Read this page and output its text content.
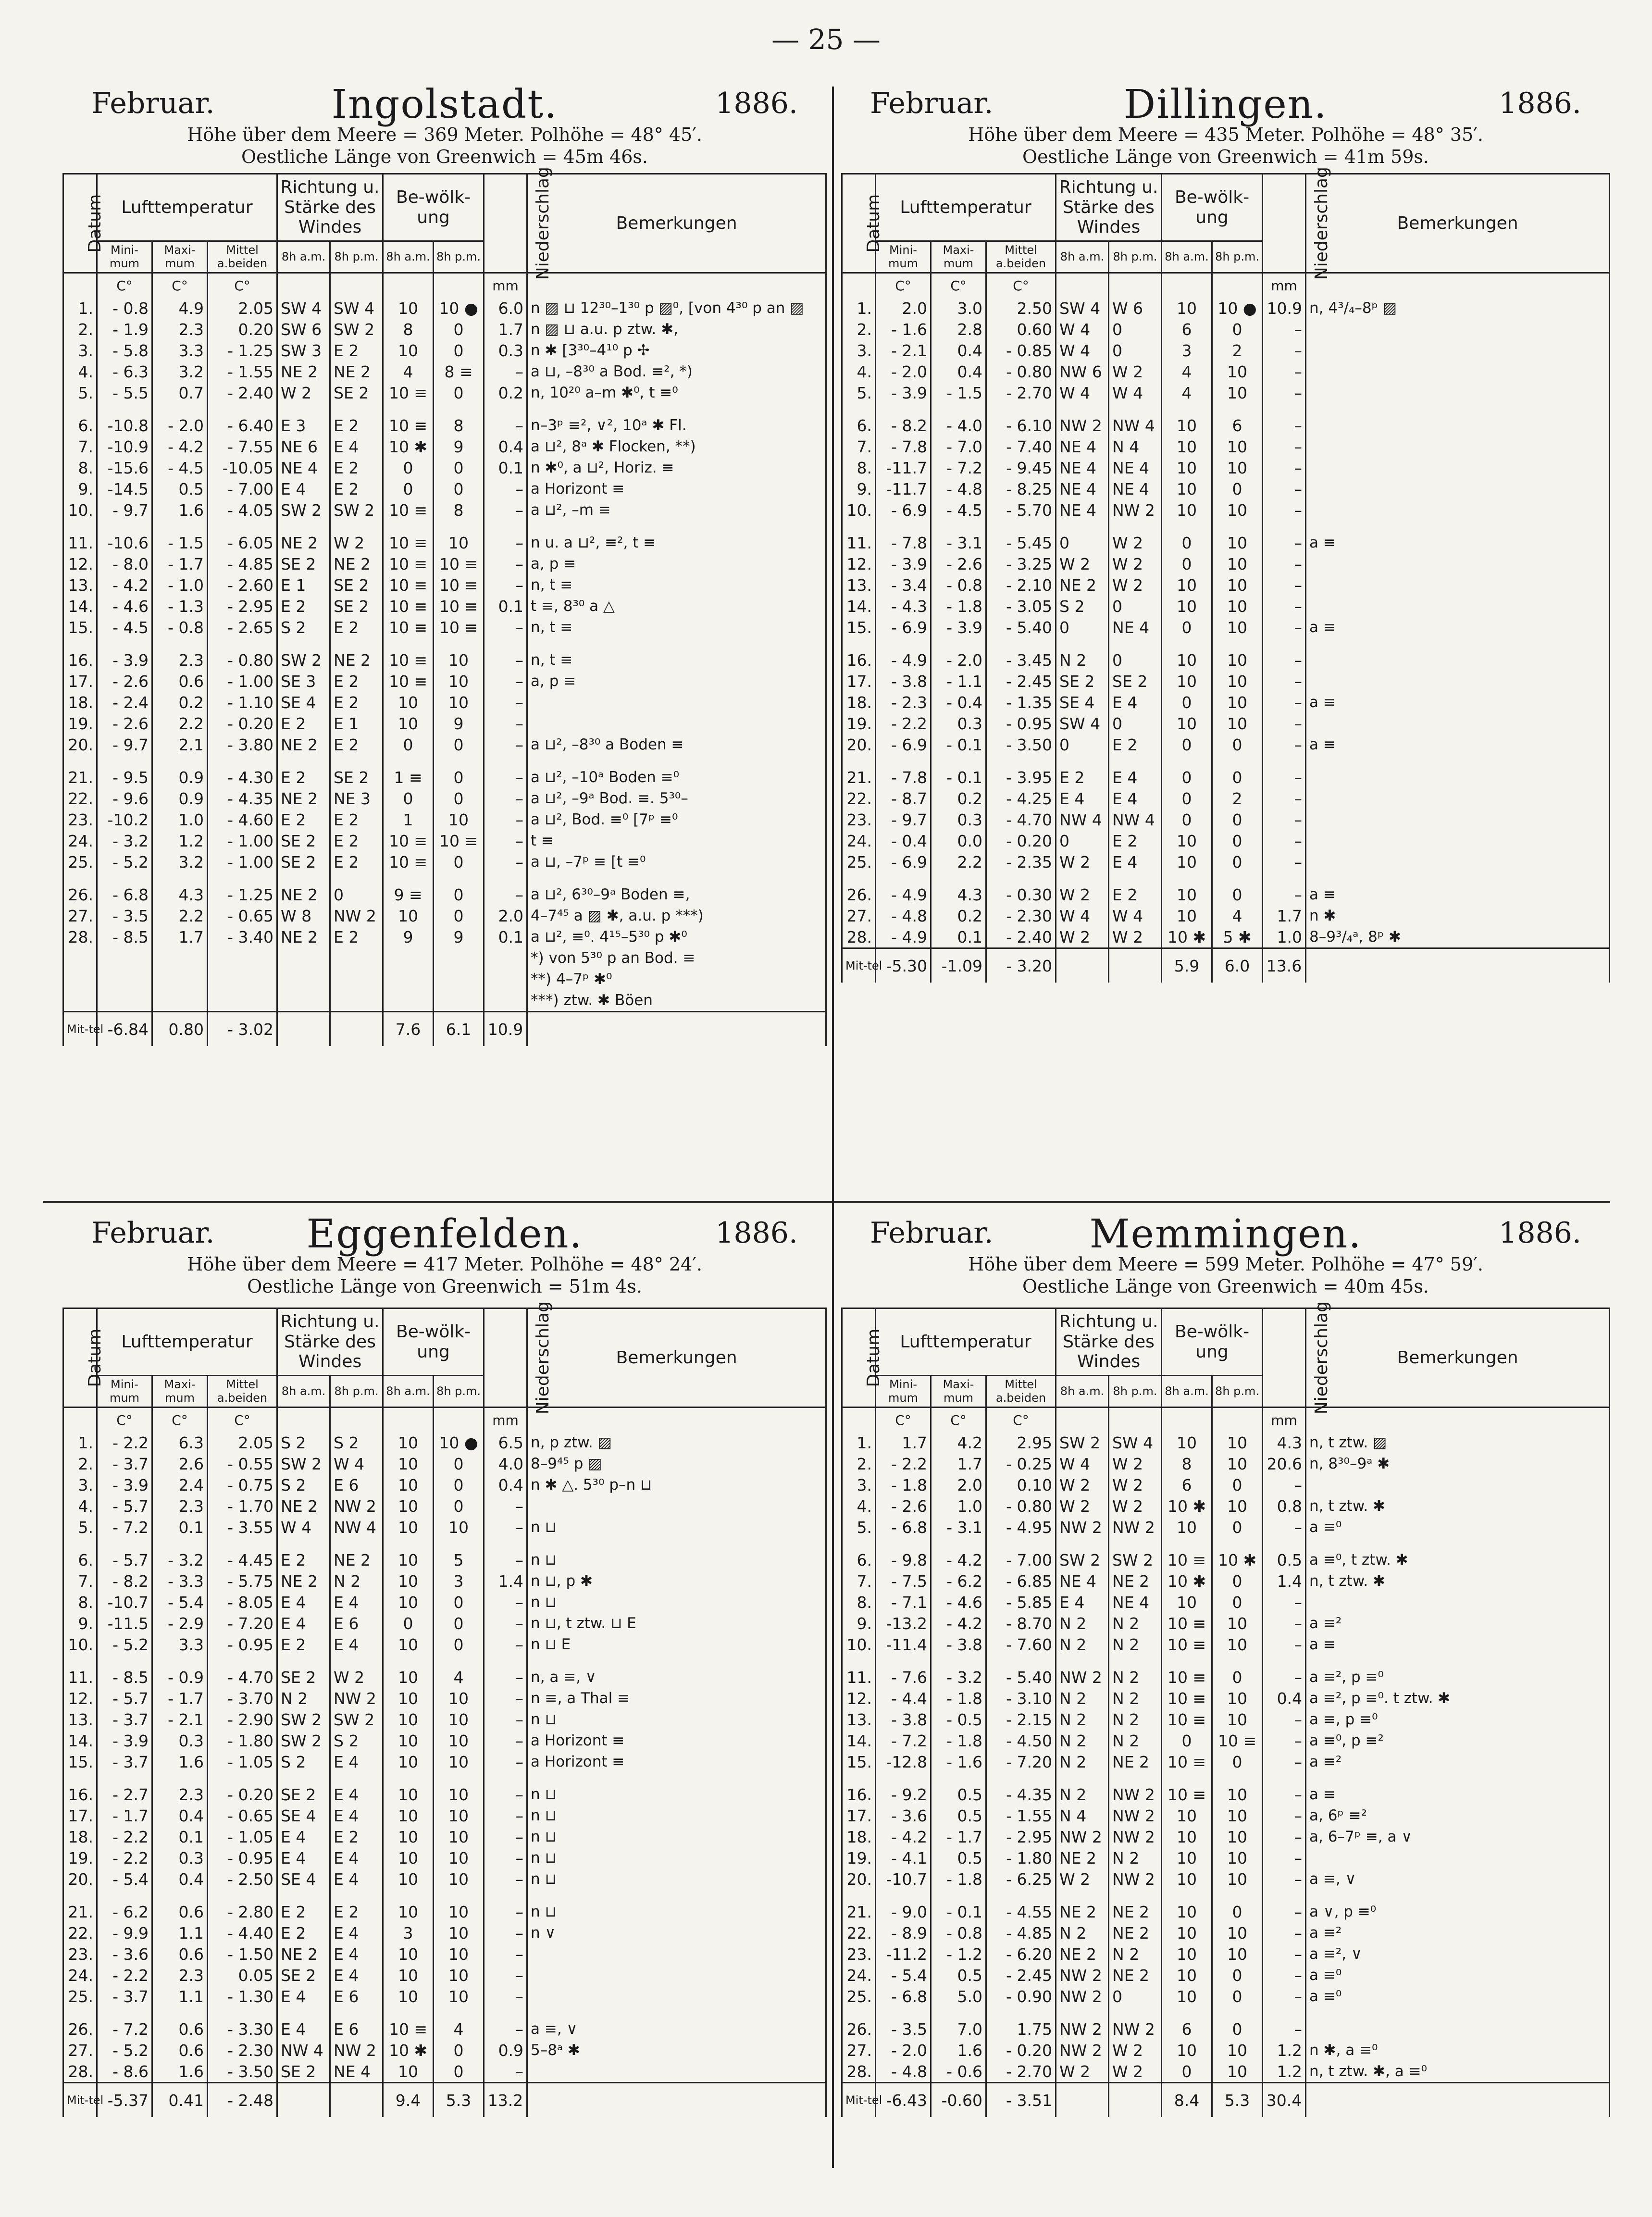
— 25 —
Februar.	Ingolstadt.	1886.
Höhe über dem Meere = 369 Meter. Polhöhe = 48° 45′.
Oestliche Länge von Greenwich = 45m 46s.
Datum	Lufttemperatur			Richtung u. Stärke des Windes		Be-wölk-ung		Niederschlag	Bemerkungen
	Mini-mum	Maxi-mum	Mittel a.beiden	8h a.m.	8h p.m.	8h a.m.	8h p.m.		
	C°	C°	C°					mm	
1.	- 0.8	4.9	2.05	SW 4	SW 4	10	10 ●	6.0	n ▨ ⊔ 12³⁰–1³⁰ p ▨⁰, [von 4³⁰ p an ▨
2.	- 1.9	2.3	0.20	SW 6	SW 2	8	0	1.7	n ▨ ⊔ a.u. p ztw. ✱,
3.	- 5.8	3.3	- 1.25	SW 3	E 2	10	0	0.3	n ✱ [3³⁰–4¹⁰ p ✢
4.	- 6.3	3.2	- 1.55	NE 2	NE 2	4	8 ≡	–	a ⊔, –8³⁰ a Bod. ≡², *)
5.	- 5.5	0.7	- 2.40	W 2	SE 2	10 ≡	0	0.2	n, 10²⁰ a–m ✱⁰, t ≡⁰

6.	-10.8	- 2.0	- 6.40	E 3	E 2	10 ≡	8	–	n–3ᵖ ≡², ∨², 10ᵃ ✱ Fl.
7.	-10.9	- 4.2	- 7.55	NE 6	E 4	10 ✱	9	0.4	a ⊔², 8ᵃ ✱ Flocken, **)
8.	-15.6	- 4.5	-10.05	NE 4	E 2	0	0	0.1	n ✱⁰, a ⊔², Horiz. ≡
9.	-14.5	0.5	- 7.00	E 4	E 2	0	0	–	a Horizont ≡
10.	- 9.7	1.6	- 4.05	SW 2	SW 2	10 ≡	8	–	a ⊔², –m ≡

11.	-10.6	- 1.5	- 6.05	NE 2	W 2	10 ≡	10	–	n u. a ⊔², ≡², t ≡
12.	- 8.0	- 1.7	- 4.85	SE 2	NE 2	10 ≡	10 ≡	–	a, p ≡
13.	- 4.2	- 1.0	- 2.60	E 1	SE 2	10 ≡	10 ≡	–	n, t ≡
14.	- 4.6	- 1.3	- 2.95	E 2	SE 2	10 ≡	10 ≡	0.1	t ≡, 8³⁰ a △
15.	- 4.5	- 0.8	- 2.65	S 2	E 2	10 ≡	10 ≡	–	n, t ≡

16.	- 3.9	2.3	- 0.80	SW 2	NE 2	10 ≡	10	–	n, t ≡
17.	- 2.6	0.6	- 1.00	SE 3	E 2	10 ≡	10	–	a, p ≡
18.	- 2.4	0.2	- 1.10	SE 4	E 2	10	10	–	
19.	- 2.6	2.2	- 0.20	E 2	E 1	10	9	–	
20.	- 9.7	2.1	- 3.80	NE 2	E 2	0	0	–	a ⊔², –8³⁰ a Boden ≡

21.	- 9.5	0.9	- 4.30	E 2	SE 2	1 ≡	0	–	a ⊔², –10ᵃ Boden ≡⁰
22.	- 9.6	0.9	- 4.35	NE 2	NE 3	0	0	–	a ⊔², –9ᵃ Bod. ≡. 5³⁰–
23.	-10.2	1.0	- 4.60	E 2	E 2	1	10	–	a ⊔², Bod. ≡⁰ [7ᵖ ≡⁰
24.	- 3.2	1.2	- 1.00	SE 2	E 2	10 ≡	10 ≡	–	t ≡
25.	- 5.2	3.2	- 1.00	SE 2	E 2	10 ≡	0	–	a ⊔, –7ᵖ ≡ [t ≡⁰

26.	- 6.8	4.3	- 1.25	NE 2	0	9 ≡	0	–	a ⊔², 6³⁰–9ᵃ Boden ≡,
27.	- 3.5	2.2	- 0.65	W 8	NW 2	10	0	2.0	4–7⁴⁵ a ▨ ✱, a.u. p ***)
28.	- 8.5	1.7	- 3.40	NE 2	E 2	9	9	0.1	a ⊔², ≡⁰. 4¹⁵–5³⁰ p ✱⁰
									*) von 5³⁰ p an Bod. ≡
									**) 4–7ᵖ ✱⁰
									***) ztw. ✱ Böen
Mit-tel	-6.84	0.80	- 3.02			7.6	6.1	10.9	
Februar.	Dillingen.	1886.
Höhe über dem Meere = 435 Meter. Polhöhe = 48° 35′.
Oestliche Länge von Greenwich = 41m 59s.
Datum	Lufttemperatur			Richtung u. Stärke des Windes		Be-wölk-ung		Niederschlag	Bemerkungen
	Mini-mum	Maxi-mum	Mittel a.beiden	8h a.m.	8h p.m.	8h a.m.	8h p.m.		
	C°	C°	C°					mm	
1.	2.0	3.0	2.50	SW 4	W 6	10	10 ●	10.9	n, 4³/₄–8ᵖ ▨
2.	- 1.6	2.8	0.60	W 4	0	6	0	–	
3.	- 2.1	0.4	- 0.85	W 4	0	3	2	–	
4.	- 2.0	0.4	- 0.80	NW 6	W 2	4	10	–	
5.	- 3.9	- 1.5	- 2.70	W 4	W 4	4	10	–	

6.	- 8.2	- 4.0	- 6.10	NW 2	NW 4	10	6	–	
7.	- 7.8	- 7.0	- 7.40	NE 4	N 4	10	10	–	
8.	-11.7	- 7.2	- 9.45	NE 4	NE 4	10	10	–	
9.	-11.7	- 4.8	- 8.25	NE 4	NE 4	10	0	–	
10.	- 6.9	- 4.5	- 5.70	NE 4	NW 2	10	10	–	

11.	- 7.8	- 3.1	- 5.45	0	W 2	0	10	–	a ≡
12.	- 3.9	- 2.6	- 3.25	W 2	W 2	0	10	–	
13.	- 3.4	- 0.8	- 2.10	NE 2	W 2	10	10	–	
14.	- 4.3	- 1.8	- 3.05	S 2	0	10	10	–	
15.	- 6.9	- 3.9	- 5.40	0	NE 4	0	10	–	a ≡

16.	- 4.9	- 2.0	- 3.45	N 2	0	10	10	–	
17.	- 3.8	- 1.1	- 2.45	SE 2	SE 2	10	10	–	
18.	- 2.3	- 0.4	- 1.35	SE 4	E 4	0	10	–	a ≡
19.	- 2.2	0.3	- 0.95	SW 4	0	10	10	–	
20.	- 6.9	- 0.1	- 3.50	0	E 2	0	0	–	a ≡

21.	- 7.8	- 0.1	- 3.95	E 2	E 4	0	0	–	
22.	- 8.7	0.2	- 4.25	E 4	E 4	0	2	–	
23.	- 9.7	0.3	- 4.70	NW 4	NW 4	0	0	–	
24.	- 0.4	0.0	- 0.20	0	E 2	10	0	–	
25.	- 6.9	2.2	- 2.35	W 2	E 4	10	0	–	

26.	- 4.9	4.3	- 0.30	W 2	E 2	10	0	–	a ≡
27.	- 4.8	0.2	- 2.30	W 4	W 4	10	4	1.7	n ✱
28.	- 4.9	0.1	- 2.40	W 2	W 2	10 ✱	5 ✱	1.0	8–9³/₄ᵃ, 8ᵖ ✱
Mit-tel	-5.30	-1.09	- 3.20			5.9	6.0	13.6	
Februar.	Eggenfelden.	1886.
Höhe über dem Meere = 417 Meter. Polhöhe = 48° 24′.
Oestliche Länge von Greenwich = 51m 4s.
Datum	Lufttemperatur			Richtung u. Stärke des Windes		Be-wölk-ung		Niederschlag	Bemerkungen
	Mini-mum	Maxi-mum	Mittel a.beiden	8h a.m.	8h p.m.	8h a.m.	8h p.m.		
	C°	C°	C°					mm	
1.	- 2.2	6.3	2.05	S 2	S 2	10	10 ●	6.5	n, p ztw. ▨
2.	- 3.7	2.6	- 0.55	SW 2	W 4	10	0	4.0	8–9⁴⁵ p ▨
3.	- 3.9	2.4	- 0.75	S 2	E 6	10	0	0.4	n ✱ △. 5³⁰ p–n ⊔
4.	- 5.7	2.3	- 1.70	NE 2	NW 2	10	0	–	
5.	- 7.2	0.1	- 3.55	W 4	NW 4	10	10	–	n ⊔

6.	- 5.7	- 3.2	- 4.45	E 2	NE 2	10	5	–	n ⊔
7.	- 8.2	- 3.3	- 5.75	NE 2	N 2	10	3	1.4	n ⊔, p ✱
8.	-10.7	- 5.4	- 8.05	E 4	E 4	10	0	–	n ⊔
9.	-11.5	- 2.9	- 7.20	E 4	E 6	0	0	–	n ⊔, t ztw. ⊔ E
10.	- 5.2	3.3	- 0.95	E 2	E 4	10	0	–	n ⊔ E

11.	- 8.5	- 0.9	- 4.70	SE 2	W 2	10	4	–	n, a ≡, ∨
12.	- 5.7	- 1.7	- 3.70	N 2	NW 2	10	10	–	n ≡, a Thal ≡
13.	- 3.7	- 2.1	- 2.90	SW 2	SW 2	10	10	–	n ⊔
14.	- 3.9	0.3	- 1.80	SW 2	S 2	10	10	–	a Horizont ≡
15.	- 3.7	1.6	- 1.05	S 2	E 4	10	10	–	a Horizont ≡

16.	- 2.7	2.3	- 0.20	SE 2	E 4	10	10	–	n ⊔
17.	- 1.7	0.4	- 0.65	SE 4	E 4	10	10	–	n ⊔
18.	- 2.2	0.1	- 1.05	E 4	E 2	10	10	–	n ⊔
19.	- 2.2	0.3	- 0.95	E 4	E 4	10	10	–	n ⊔
20.	- 5.4	0.4	- 2.50	SE 4	E 4	10	10	–	n ⊔

21.	- 6.2	0.6	- 2.80	E 2	E 2	10	10	–	n ⊔
22.	- 9.9	1.1	- 4.40	E 2	E 4	3	10	–	n ∨
23.	- 3.6	0.6	- 1.50	NE 2	E 4	10	10	–	
24.	- 2.2	2.3	0.05	SE 2	E 4	10	10	–	
25.	- 3.7	1.1	- 1.30	E 4	E 6	10	10	–	

26.	- 7.2	0.6	- 3.30	E 4	E 6	10 ≡	4	–	a ≡, ∨
27.	- 5.2	0.6	- 2.30	NW 4	NW 2	10 ✱	0	0.9	5–8ᵃ ✱
28.	- 8.6	1.6	- 3.50	SE 2	NE 4	10	0	–	
Mit-tel	-5.37	0.41	- 2.48			9.4	5.3	13.2	
Februar.	Memmingen.	1886.
Höhe über dem Meere = 599 Meter. Polhöhe = 47° 59′.
Oestliche Länge von Greenwich = 40m 45s.
Datum	Lufttemperatur			Richtung u. Stärke des Windes		Be-wölk-ung		Niederschlag	Bemerkungen
	Mini-mum	Maxi-mum	Mittel a.beiden	8h a.m.	8h p.m.	8h a.m.	8h p.m.		
	C°	C°	C°					mm	
1.	1.7	4.2	2.95	SW 2	SW 4	10	10	4.3	n, t ztw. ▨
2.	- 2.2	1.7	- 0.25	W 4	W 2	8	10	20.6	n, 8³⁰–9ᵃ ✱
3.	- 1.8	2.0	0.10	W 2	W 2	6	0	–	
4.	- 2.6	1.0	- 0.80	W 2	W 2	10 ✱	10	0.8	n, t ztw. ✱
5.	- 6.8	- 3.1	- 4.95	NW 2	NW 2	10	0	–	a ≡⁰

6.	- 9.8	- 4.2	- 7.00	SW 2	SW 2	10 ≡	10 ✱	0.5	a ≡⁰, t ztw. ✱
7.	- 7.5	- 6.2	- 6.85	NE 4	NE 2	10 ✱	0	1.4	n, t ztw. ✱
8.	- 7.1	- 4.6	- 5.85	E 4	NE 4	10	0	–	
9.	-13.2	- 4.2	- 8.70	N 2	N 2	10 ≡	10	–	a ≡²
10.	-11.4	- 3.8	- 7.60	N 2	N 2	10 ≡	10	–	a ≡

11.	- 7.6	- 3.2	- 5.40	NW 2	N 2	10 ≡	0	–	a ≡², p ≡⁰
12.	- 4.4	- 1.8	- 3.10	N 2	N 2	10 ≡	10	0.4	a ≡², p ≡⁰. t ztw. ✱
13.	- 3.8	- 0.5	- 2.15	N 2	N 2	10 ≡	10	–	a ≡, p ≡⁰
14.	- 7.2	- 1.8	- 4.50	N 2	N 2	0	10 ≡	–	a ≡⁰, p ≡²
15.	-12.8	- 1.6	- 7.20	N 2	NE 2	10 ≡	0	–	a ≡²

16.	- 9.2	0.5	- 4.35	N 2	NW 2	10 ≡	10	–	a ≡
17.	- 3.6	0.5	- 1.55	N 4	NW 2	10	10	–	a, 6ᵖ ≡²
18.	- 4.2	- 1.7	- 2.95	NW 2	NW 2	10	10	–	a, 6–7ᵖ ≡, a ∨
19.	- 4.1	0.5	- 1.80	NE 2	N 2	10	10	–	
20.	-10.7	- 1.8	- 6.25	W 2	NW 2	10	10	–	a ≡, ∨

21.	- 9.0	- 0.1	- 4.55	NE 2	NE 2	10	0	–	a ∨, p ≡⁰
22.	- 8.9	- 0.8	- 4.85	N 2	NE 2	10	10	–	a ≡²
23.	-11.2	- 1.2	- 6.20	NE 2	N 2	10	10	–	a ≡², ∨
24.	- 5.4	0.5	- 2.45	NW 2	NE 2	10	0	–	a ≡⁰
25.	- 6.8	5.0	- 0.90	NW 2	0	10	0	–	a ≡⁰

26.	- 3.5	7.0	1.75	NW 2	NW 2	6	0	–	
27.	- 2.0	1.6	- 0.20	NW 2	W 2	10	10	1.2	n ✱, a ≡⁰
28.	- 4.8	- 0.6	- 2.70	W 2	W 2	0	10	1.2	n, t ztw. ✱, a ≡⁰
Mit-tel	-6.43	-0.60	- 3.51			8.4	5.3	30.4	
